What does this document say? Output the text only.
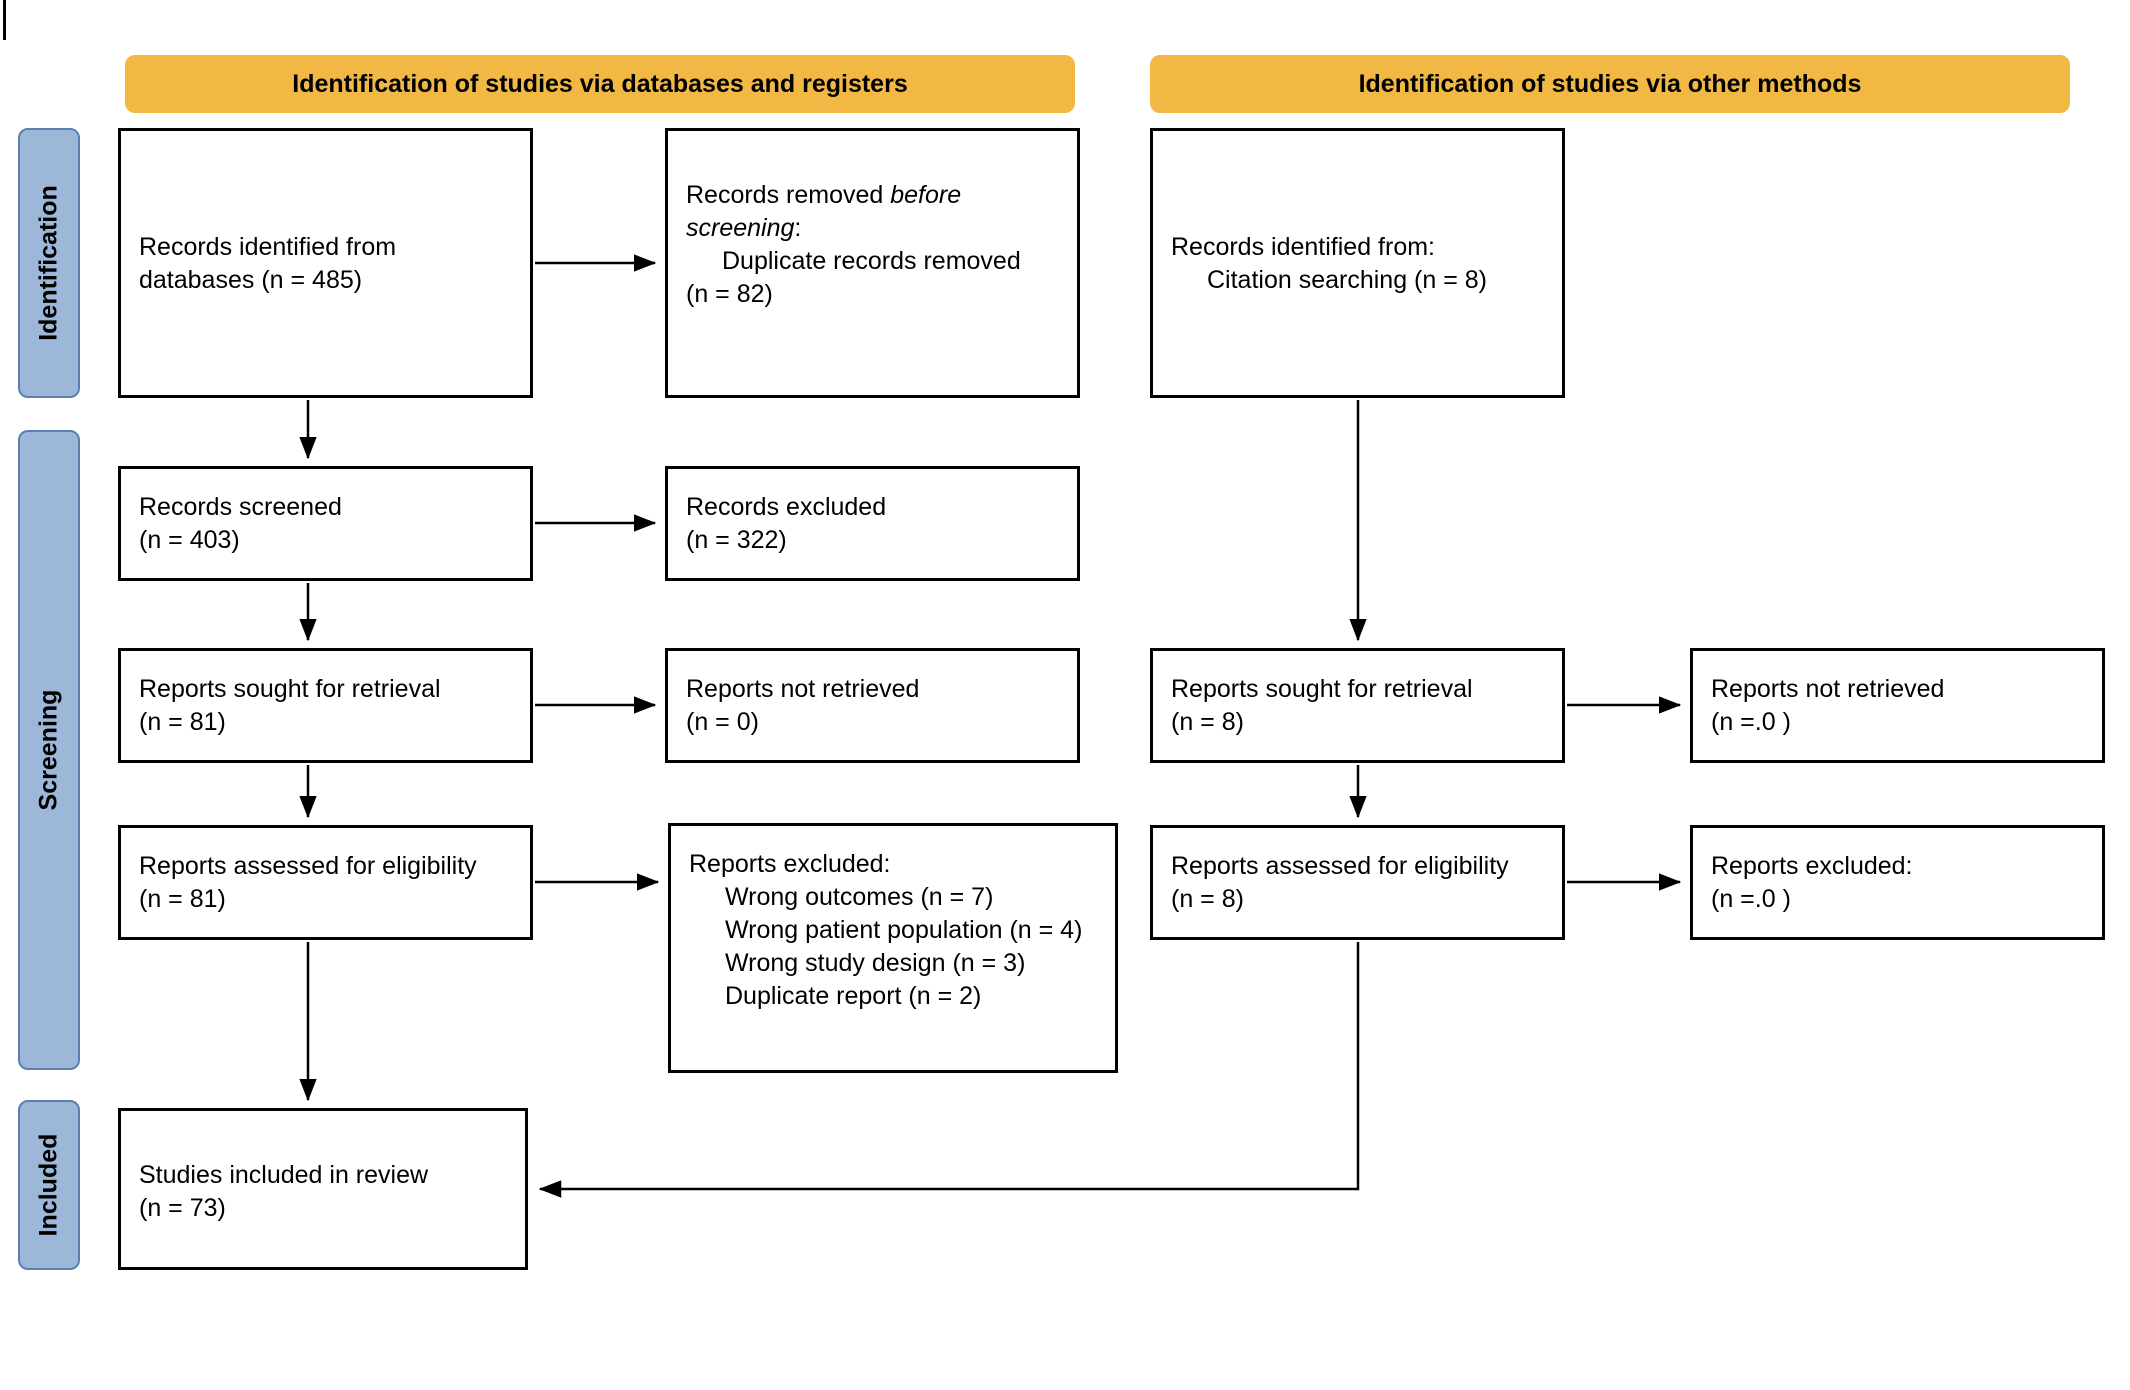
Identification of studies via databases and registers	Identification of studies via other methods
Identification
Screening
Included
Records identified from
databases (n = 485)
Records removed before
screening:
Duplicate records removed
(n = 82)
Records screened
(n = 403)
Records excluded
(n = 322)
Reports sought for retrieval
(n = 81)
Reports not retrieved
(n = 0)
Reports assessed for eligibility
(n = 81)
Reports excluded:
Wrong outcomes (n = 7)
Wrong patient population (n = 4)
Wrong study design (n = 3)
Duplicate report (n = 2)
Studies included in review
(n = 73)
Records identified from:
Citation searching (n = 8)
Reports sought for retrieval
(n = 8)
Reports not retrieved
(n =.0 )
Reports assessed for eligibility
(n = 8)
Reports excluded:
(n =.0 )
